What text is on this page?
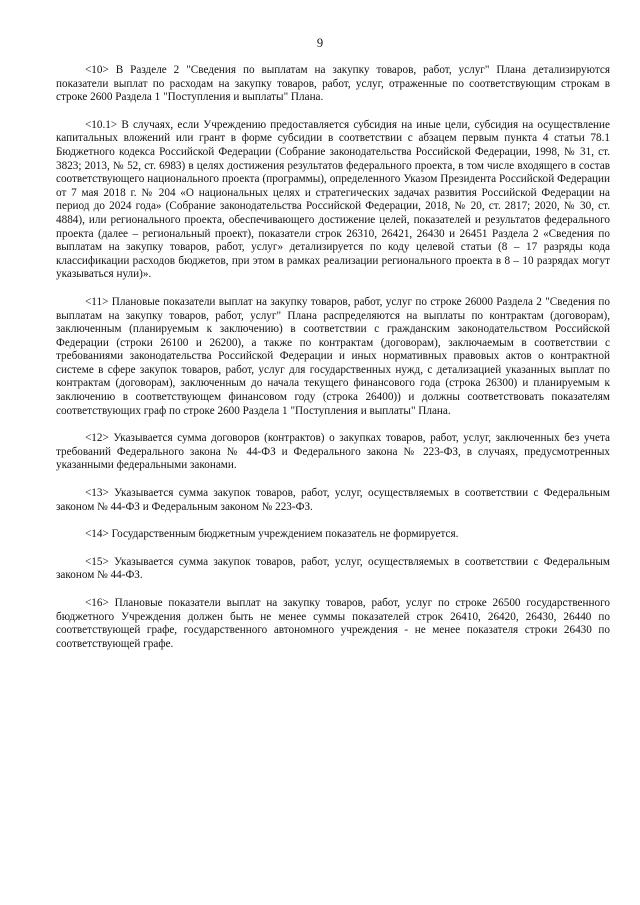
9

<10> В Разделе 2 "Сведения по выплатам на закупку товаров, работ, услуг" Плана детализируются показатели выплат по расходам на закупку товаров, работ, услуг, отраженные по соответствующим строкам в строке 2600 Раздела 1 "Поступления и выплаты" Плана.

<10.1> В случаях, если Учреждению предоставляется субсидия на иные цели, субсидия на осуществление капитальных вложений или грант в форме субсидии в соответствии с абзацем первым пункта 4 статьи 78.1 Бюджетного кодекса Российской Федерации (Собрание законодательства Российской Федерации, 1998, № 31, ст. 3823; 2013, № 52, ст. 6983) в целях достижения результатов федерального проекта, в том числе входящего в состав соответствующего национального проекта (программы), определенного Указом Президента Российской Федерации от 7 мая 2018 г. № 204 «О национальных целях и стратегических задачах развития Российской Федерации на период до 2024 года» (Собрание законодательства Российской Федерации, 2018, № 20, ст. 2817; 2020, № 30, ст. 4884), или регионального проекта, обеспечивающего достижение целей, показателей и результатов федерального проекта (далее – региональный проект), показатели строк 26310, 26421, 26430 и 26451 Раздела 2 «Сведения по выплатам на закупку товаров, работ, услуг» детализируется по коду целевой статьи (8 – 17 разряды кода классификации расходов бюджетов, при этом в рамках реализации регионального проекта в 8 – 10 разрядах могут указываться нули)».

<11> Плановые показатели выплат на закупку товаров, работ, услуг по строке 26000 Раздела 2 "Сведения по выплатам на закупку товаров, работ, услуг" Плана распределяются на выплаты по контрактам (договорам), заключенным (планируемым к заключению) в соответствии с гражданским законодательством Российской Федерации (строки 26100 и 26200), а также по контрактам (договорам), заключаемым в соответствии с требованиями законодательства Российской Федерации и иных нормативных правовых актов о контрактной системе в сфере закупок товаров, работ, услуг для государственных нужд, с детализацией указанных выплат по контрактам (договорам), заключенным до начала текущего финансового года (строка 26300) и планируемым к заключению в соответствующем финансовом году (строка 26400)) и должны соответствовать показателям соответствующих граф по строке 2600 Раздела 1 "Поступления и выплаты" Плана.

<12> Указывается сумма договоров (контрактов) о закупках товаров, работ, услуг, заключенных без учета требований Федерального закона № 44-ФЗ и Федерального закона № 223-ФЗ, в случаях, предусмотренных указанными федеральными законами.

<13> Указывается сумма закупок товаров, работ, услуг, осуществляемых в соответствии с Федеральным законом № 44-ФЗ и Федеральным законом № 223-ФЗ.

<14> Государственным бюджетным учреждением показатель не формируется.

<15> Указывается сумма закупок товаров, работ, услуг, осуществляемых в соответствии с Федеральным законом № 44-ФЗ.

<16> Плановые показатели выплат на закупку товаров, работ, услуг по строке 26500 государственного бюджетного Учреждения должен быть не менее суммы показателей строк 26410, 26420, 26430, 26440 по соответствующей графе, государственного автономного учреждения - не менее показателя строки 26430 по соответствующей графе.
